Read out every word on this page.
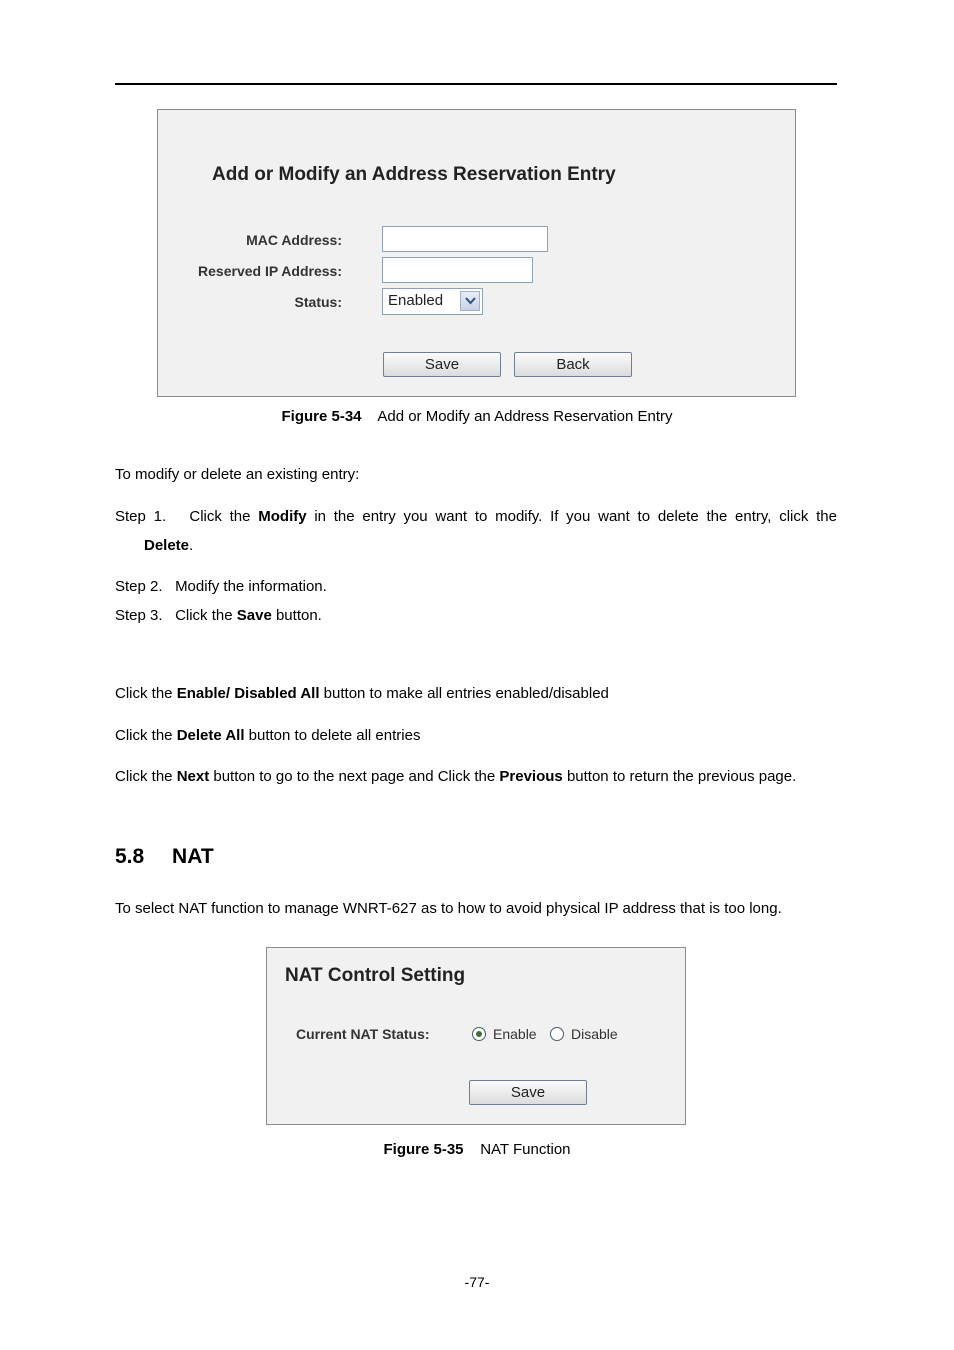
Add or Modify an Address Reservation Entry
MAC Address:
Reserved IP Address:
Status:	Enabled
Save	Back
Figure 5-34 Add or Modify an Address Reservation Entry
To modify or delete an existing entry:
Step 1. Click the Modify in the entry you want to modify. If you want to delete the entry, click the
Delete.
Step 2. Modify the information.
Step 3. Click the Save button.
Click the Enable/ Disabled All button to make all entries enabled/disabled
Click the Delete All button to delete all entries
Click the Next button to go to the next page and Click the Previous button to return the previous page.
5.8 NAT
To select NAT function to manage WNRT-627 as to how to avoid physical IP address that is too long.
NAT Control Setting
Current NAT Status:	Enable Disable
Save
Figure 5-35 NAT Function
-77-
